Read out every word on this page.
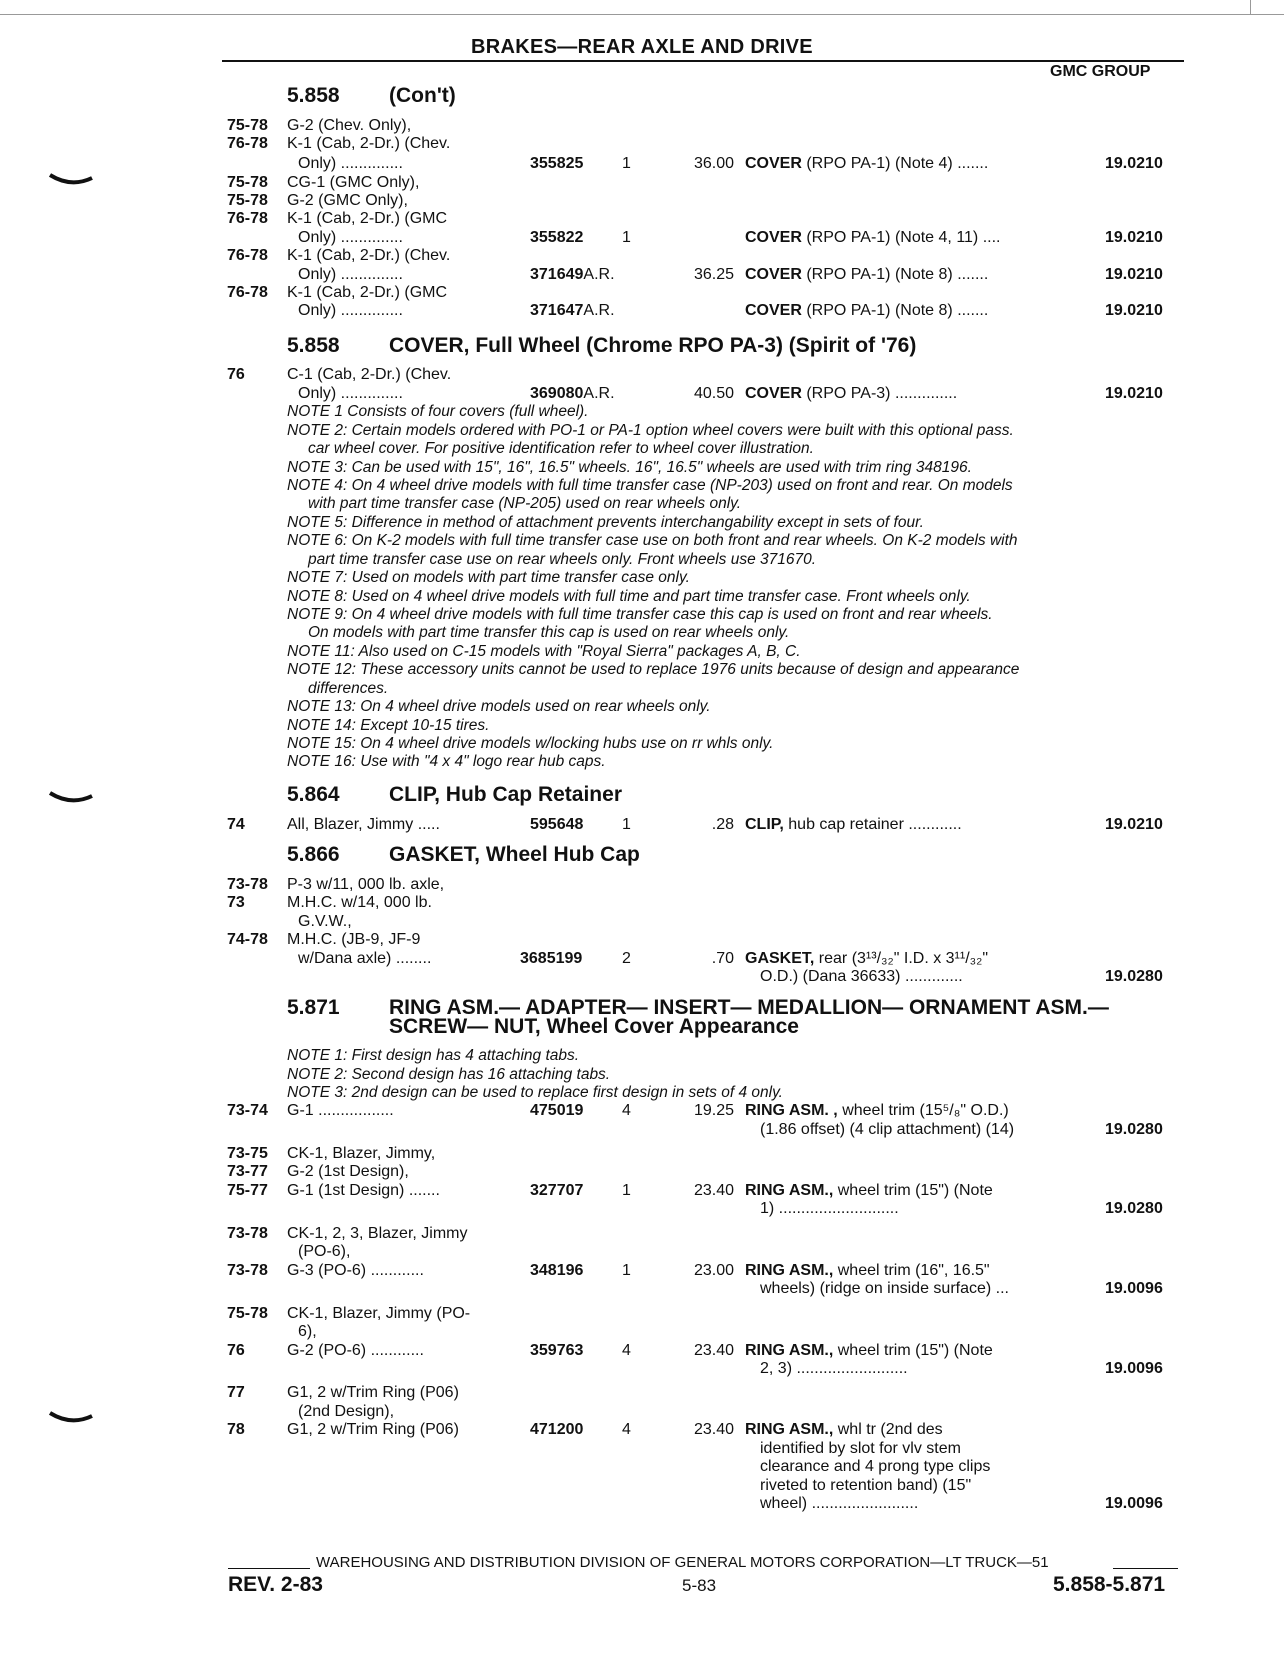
BRAKES—REAR AXLE AND DRIVE
GMC GROUP
5.858 (Con't)
75-78 G-2 (Chev. Only),
76-78 K-1 (Cab, 2-Dr.) (Chev.
Only) ..............	355825 1	36.00 COVER (RPO PA-1) (Note 4) .......	19.0210
75-78 CG-1 (GMC Only),
75-78 G-2 (GMC Only),
76-78 K-1 (Cab, 2-Dr.) (GMC
Only) ..............	355822 1	COVER (RPO PA-1) (Note 4, 11) ....	19.0210
76-78 K-1 (Cab, 2-Dr.) (Chev.
Only) ..............	371649A.R.	36.25 COVER (RPO PA-1) (Note 8) .......	19.0210
76-78 K-1 (Cab, 2-Dr.) (GMC
Only) ..............	371647A.R.	COVER (RPO PA-1) (Note 8) .......	19.0210
5.858 COVER, Full Wheel (Chrome RPO PA-3) (Spirit of '76)
76	C-1 (Cab, 2-Dr.) (Chev.
Only) ..............	369080A.R.	40.50 COVER (RPO PA-3) ..............	19.0210
NOTE 1 Consists of four covers (full wheel).
NOTE 2: Certain models ordered with PO-1 or PA-1 option wheel covers were built with this optional pass.
car wheel cover. For positive identification refer to wheel cover illustration.
NOTE 3: Can be used with 15", 16", 16.5" wheels. 16", 16.5" wheels are used with trim ring 348196.
NOTE 4: On 4 wheel drive models with full time transfer case (NP-203) used on front and rear. On models
with part time transfer case (NP-205) used on rear wheels only.
NOTE 5: Difference in method of attachment prevents interchangability except in sets of four.
NOTE 6: On K-2 models with full time transfer case use on both front and rear wheels. On K-2 models with
part time transfer case use on rear wheels only. Front wheels use 371670.
NOTE 7: Used on models with part time transfer case only.
NOTE 8: Used on 4 wheel drive models with full time and part time transfer case. Front wheels only.
NOTE 9: On 4 wheel drive models with full time transfer case this cap is used on front and rear wheels.
On models with part time transfer this cap is used on rear wheels only.
NOTE 11: Also used on C-15 models with "Royal Sierra" packages A, B, C.
NOTE 12: These accessory units cannot be used to replace 1976 units because of design and appearance
differences.
NOTE 13: On 4 wheel drive models used on rear wheels only.
NOTE 14: Except 10-15 tires.
NOTE 15: On 4 wheel drive models w/locking hubs use on rr whls only.
NOTE 16: Use with "4 x 4" logo rear hub caps.
5.864 CLIP, Hub Cap Retainer
74	All, Blazer, Jimmy .....	595648 1	.28 CLIP, hub cap retainer ............	19.0210
5.866 GASKET, Wheel Hub Cap
73-78 P-3 w/11, 000 lb. axle,
73	M.H.C. w/14, 000 lb.
G.V.W.,
74-78 M.H.C. (JB-9, JF-9
w/Dana axle) ........	3685199 2	.70 GASKET, rear (3¹³/₃₂" I.D. x 3¹¹/₃₂"
O.D.) (Dana 36633) .............	19.0280
5.871 RING ASM.— ADAPTER— INSERT— MEDALLION— ORNAMENT ASM.—
SCREW— NUT, Wheel Cover Appearance
NOTE 1: First design has 4 attaching tabs.
NOTE 2: Second design has 16 attaching tabs.
NOTE 3: 2nd design can be used to replace first design in sets of 4 only.
73-74 G-1 .................	475019 4	19.25 RING ASM. , wheel trim (15⁵/₈" O.D.)
(1.86 offset) (4 clip attachment) (14)	19.0280
73-75 CK-1, Blazer, Jimmy,
73-77 G-2 (1st Design),
75-77 G-1 (1st Design) .......	327707 1	23.40 RING ASM., wheel trim (15") (Note
1) ...........................	19.0280
73-78 CK-1, 2, 3, Blazer, Jimmy
(PO-6),
73-78 G-3 (PO-6) ............	348196 1	23.00 RING ASM., wheel trim (16", 16.5"
wheels) (ridge on inside surface) ...	19.0096
75-78 CK-1, Blazer, Jimmy (PO-
6),
76	G-2 (PO-6) ............	359763 4	23.40 RING ASM., wheel trim (15") (Note
2, 3) .........................	19.0096
77	G1, 2 w/Trim Ring (P06)
(2nd Design),
78	G1, 2 w/Trim Ring (P06)	471200 4	23.40 RING ASM., whl tr (2nd des
identified by slot for vlv stem
clearance and 4 prong type clips
riveted to retention band) (15"
wheel) ........................	19.0096
WAREHOUSING AND DISTRIBUTION DIVISION OF GENERAL MOTORS CORPORATION—LT TRUCK—51
REV. 2-83	5-83	5.858-5.871
